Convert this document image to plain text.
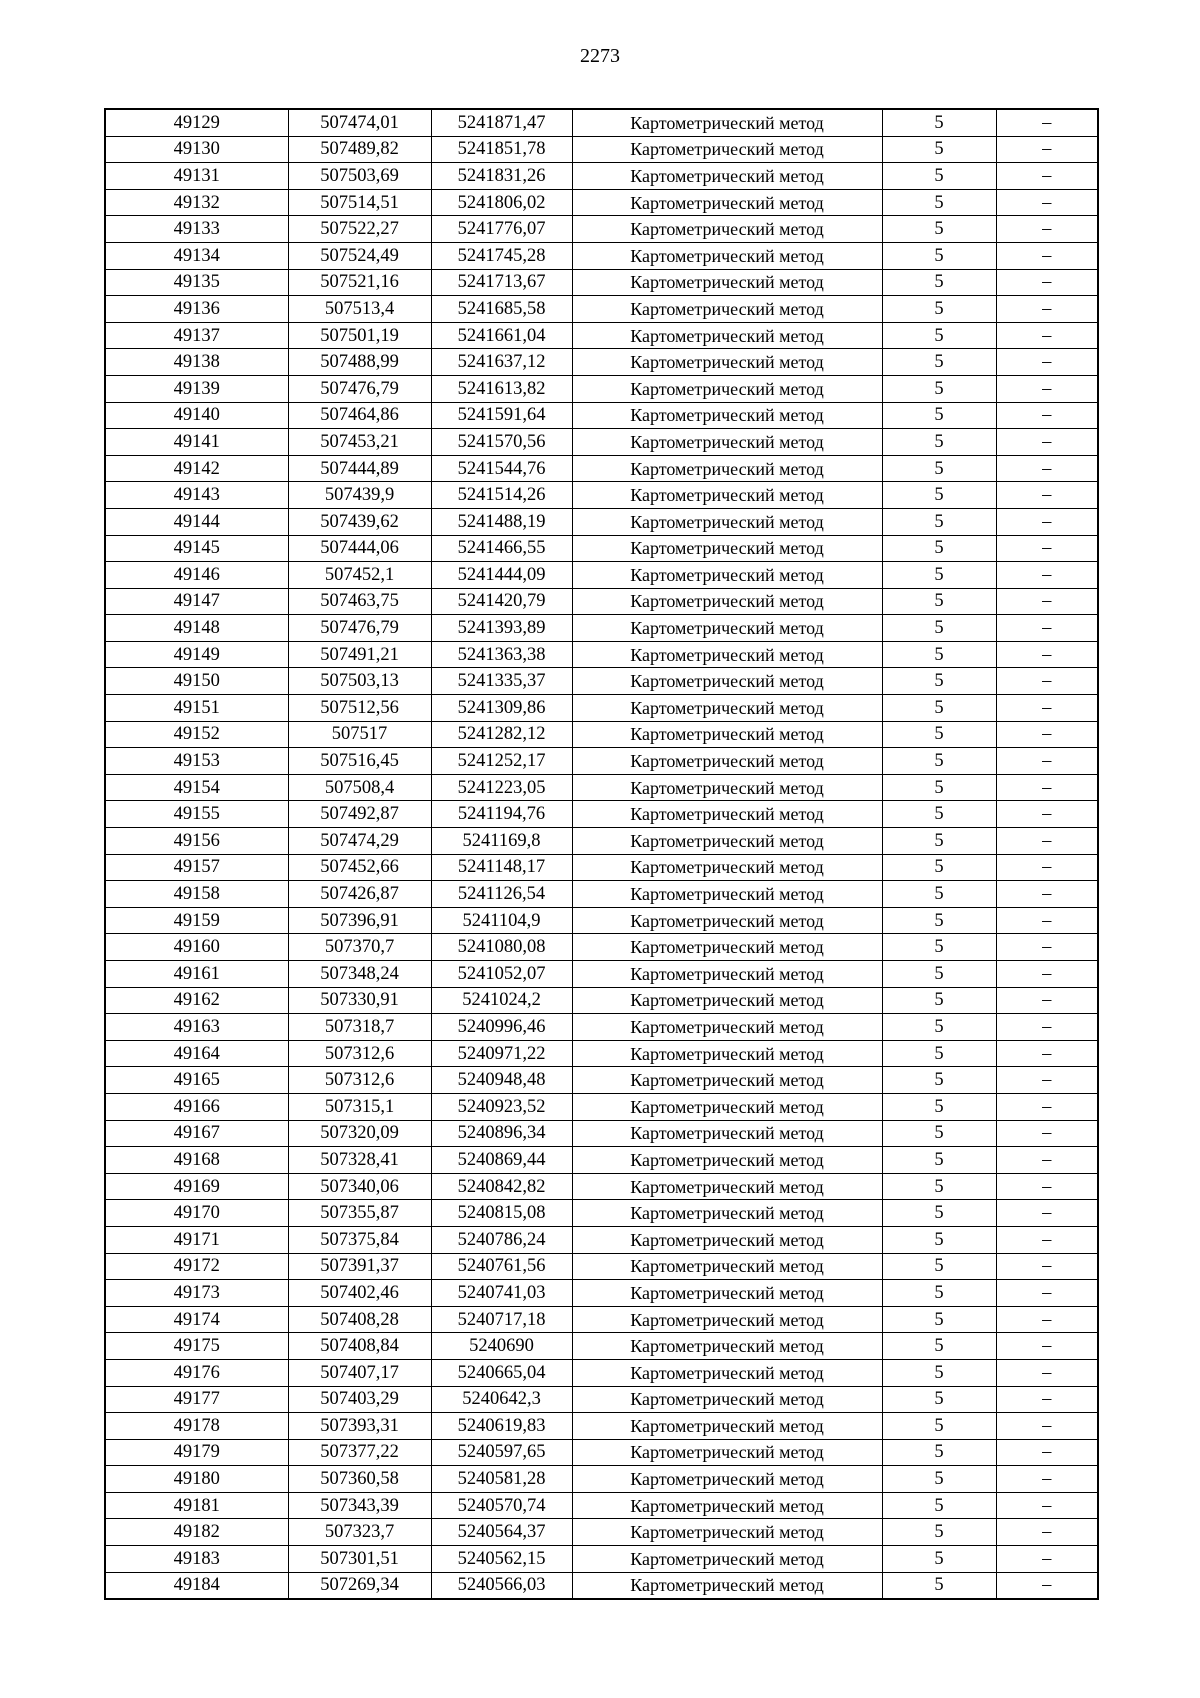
2273
49129	507474,01	5241871,47	Картометрический метод	5	–
49130	507489,82	5241851,78	Картометрический метод	5	–
49131	507503,69	5241831,26	Картометрический метод	5	–
49132	507514,51	5241806,02	Картометрический метод	5	–
49133	507522,27	5241776,07	Картометрический метод	5	–
49134	507524,49	5241745,28	Картометрический метод	5	–
49135	507521,16	5241713,67	Картометрический метод	5	–
49136	507513,4	5241685,58	Картометрический метод	5	–
49137	507501,19	5241661,04	Картометрический метод	5	–
49138	507488,99	5241637,12	Картометрический метод	5	–
49139	507476,79	5241613,82	Картометрический метод	5	–
49140	507464,86	5241591,64	Картометрический метод	5	–
49141	507453,21	5241570,56	Картометрический метод	5	–
49142	507444,89	5241544,76	Картометрический метод	5	–
49143	507439,9	5241514,26	Картометрический метод	5	–
49144	507439,62	5241488,19	Картометрический метод	5	–
49145	507444,06	5241466,55	Картометрический метод	5	–
49146	507452,1	5241444,09	Картометрический метод	5	–
49147	507463,75	5241420,79	Картометрический метод	5	–
49148	507476,79	5241393,89	Картометрический метод	5	–
49149	507491,21	5241363,38	Картометрический метод	5	–
49150	507503,13	5241335,37	Картометрический метод	5	–
49151	507512,56	5241309,86	Картометрический метод	5	–
49152	507517	5241282,12	Картометрический метод	5	–
49153	507516,45	5241252,17	Картометрический метод	5	–
49154	507508,4	5241223,05	Картометрический метод	5	–
49155	507492,87	5241194,76	Картометрический метод	5	–
49156	507474,29	5241169,8	Картометрический метод	5	–
49157	507452,66	5241148,17	Картометрический метод	5	–
49158	507426,87	5241126,54	Картометрический метод	5	–
49159	507396,91	5241104,9	Картометрический метод	5	–
49160	507370,7	5241080,08	Картометрический метод	5	–
49161	507348,24	5241052,07	Картометрический метод	5	–
49162	507330,91	5241024,2	Картометрический метод	5	–
49163	507318,7	5240996,46	Картометрический метод	5	–
49164	507312,6	5240971,22	Картометрический метод	5	–
49165	507312,6	5240948,48	Картометрический метод	5	–
49166	507315,1	5240923,52	Картометрический метод	5	–
49167	507320,09	5240896,34	Картометрический метод	5	–
49168	507328,41	5240869,44	Картометрический метод	5	–
49169	507340,06	5240842,82	Картометрический метод	5	–
49170	507355,87	5240815,08	Картометрический метод	5	–
49171	507375,84	5240786,24	Картометрический метод	5	–
49172	507391,37	5240761,56	Картометрический метод	5	–
49173	507402,46	5240741,03	Картометрический метод	5	–
49174	507408,28	5240717,18	Картометрический метод	5	–
49175	507408,84	5240690	Картометрический метод	5	–
49176	507407,17	5240665,04	Картометрический метод	5	–
49177	507403,29	5240642,3	Картометрический метод	5	–
49178	507393,31	5240619,83	Картометрический метод	5	–
49179	507377,22	5240597,65	Картометрический метод	5	–
49180	507360,58	5240581,28	Картометрический метод	5	–
49181	507343,39	5240570,74	Картометрический метод	5	–
49182	507323,7	5240564,37	Картометрический метод	5	–
49183	507301,51	5240562,15	Картометрический метод	5	–
49184	507269,34	5240566,03	Картометрический метод	5	–
